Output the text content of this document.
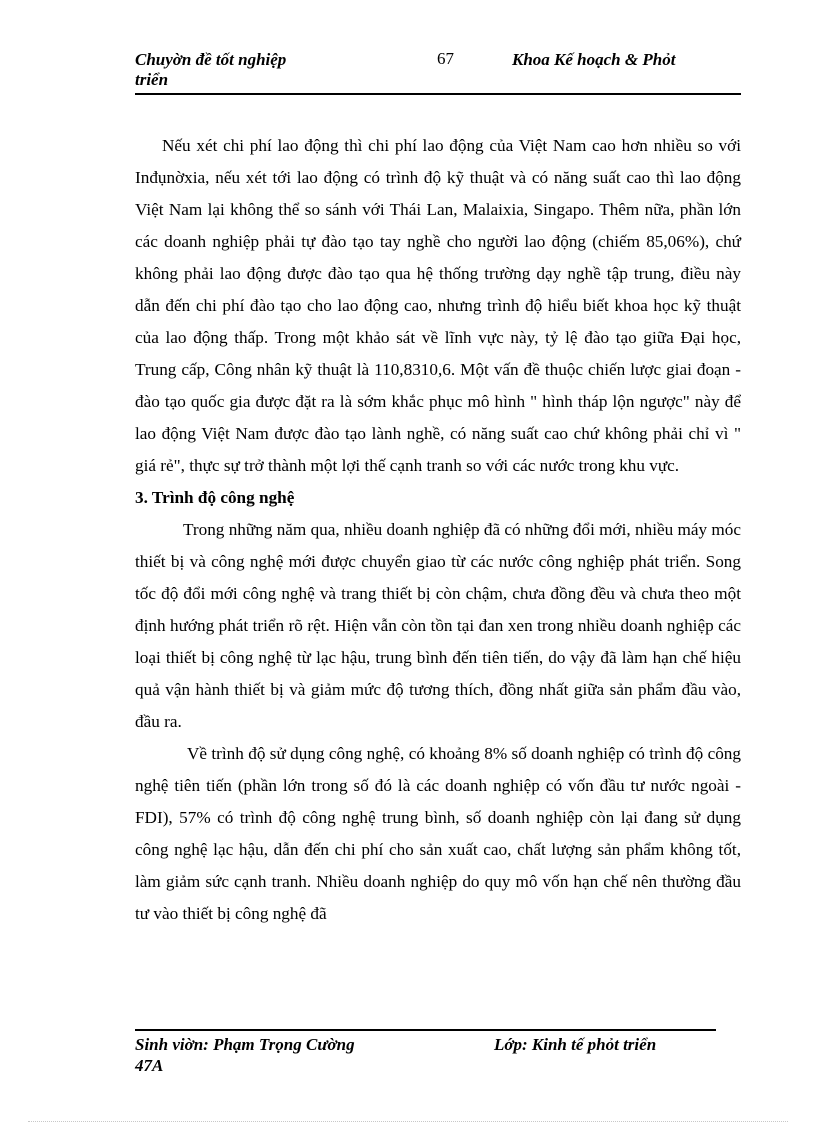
Chuyờn đề tốt nghiệp
triển
67	Khoa Kế hoạch & Phỏt

Nếu xét chi phí lao động thì chi phí lao động của Việt Nam cao hơn nhiều so với Inđụnờxia, nếu xét tới lao động có trình độ kỹ thuật và có năng suất cao thì lao động Việt Nam lại không thể so sánh với Thái Lan, Malaixia, Singapo. Thêm nữa, phần lớn các doanh nghiệp phải tự đào tạo tay nghề cho người lao động (chiếm 85,06%), chứ không phải lao động được đào tạo qua hệ thống trường dạy nghề tập trung, điều này dẫn đến chi phí đào tạo cho lao động cao, nhưng trình độ hiểu biết khoa học kỹ thuật của lao động thấp. Trong một khảo sát về lĩnh vực này, tỷ lệ đào tạo giữa Đại học, Trung cấp, Công nhân kỹ thuật là 110,8310,6. Một vấn đề thuộc chiến lược giai đoạn - đào tạo quốc gia được đặt ra là sớm khắc phục mô hình " hình tháp lộn ngược" này để lao động Việt Nam được đào tạo lành nghề, có năng suất cao chứ không phải chỉ vì " giá rẻ", thực sự trở thành một lợi thế cạnh tranh so với các nước trong khu vực.

3. Trình độ công nghệ

Trong những năm qua, nhiều doanh nghiệp đã có những đổi mới, nhiều máy móc thiết bị và công nghệ mới được chuyển giao từ các nước công nghiệp phát triển. Song tốc độ đổi mới công nghệ và trang thiết bị còn chậm, chưa đồng đều và chưa theo một định hướng phát triển rõ rệt. Hiện vẫn còn tồn tại đan xen trong nhiều doanh nghiệp các loại thiết bị công nghệ từ lạc hậu, trung bình đến tiên tiến, do vậy đã làm hạn chế hiệu quả vận hành thiết bị và giảm mức độ tương thích, đồng nhất giữa sản phẩm đầu vào, đầu ra.

Về trình độ sử dụng công nghệ, có khoảng 8% số doanh nghiệp có trình độ công nghệ tiên tiến (phần lớn trong số đó là các doanh nghiệp có vốn đầu tư nước ngoài - FDI), 57% có trình độ công nghệ trung bình, số doanh nghiệp còn lại đang sử dụng công nghệ lạc hậu, dẫn đến chi phí cho sản xuất cao, chất lượng sản phẩm không tốt, làm giảm sức cạnh tranh. Nhiều doanh nghiệp do quy mô vốn hạn chế nên thường đầu tư vào thiết bị công nghệ đã

Sinh viờn: Phạm Trọng Cường
47A
Lớp: Kinh tế phỏt triển
